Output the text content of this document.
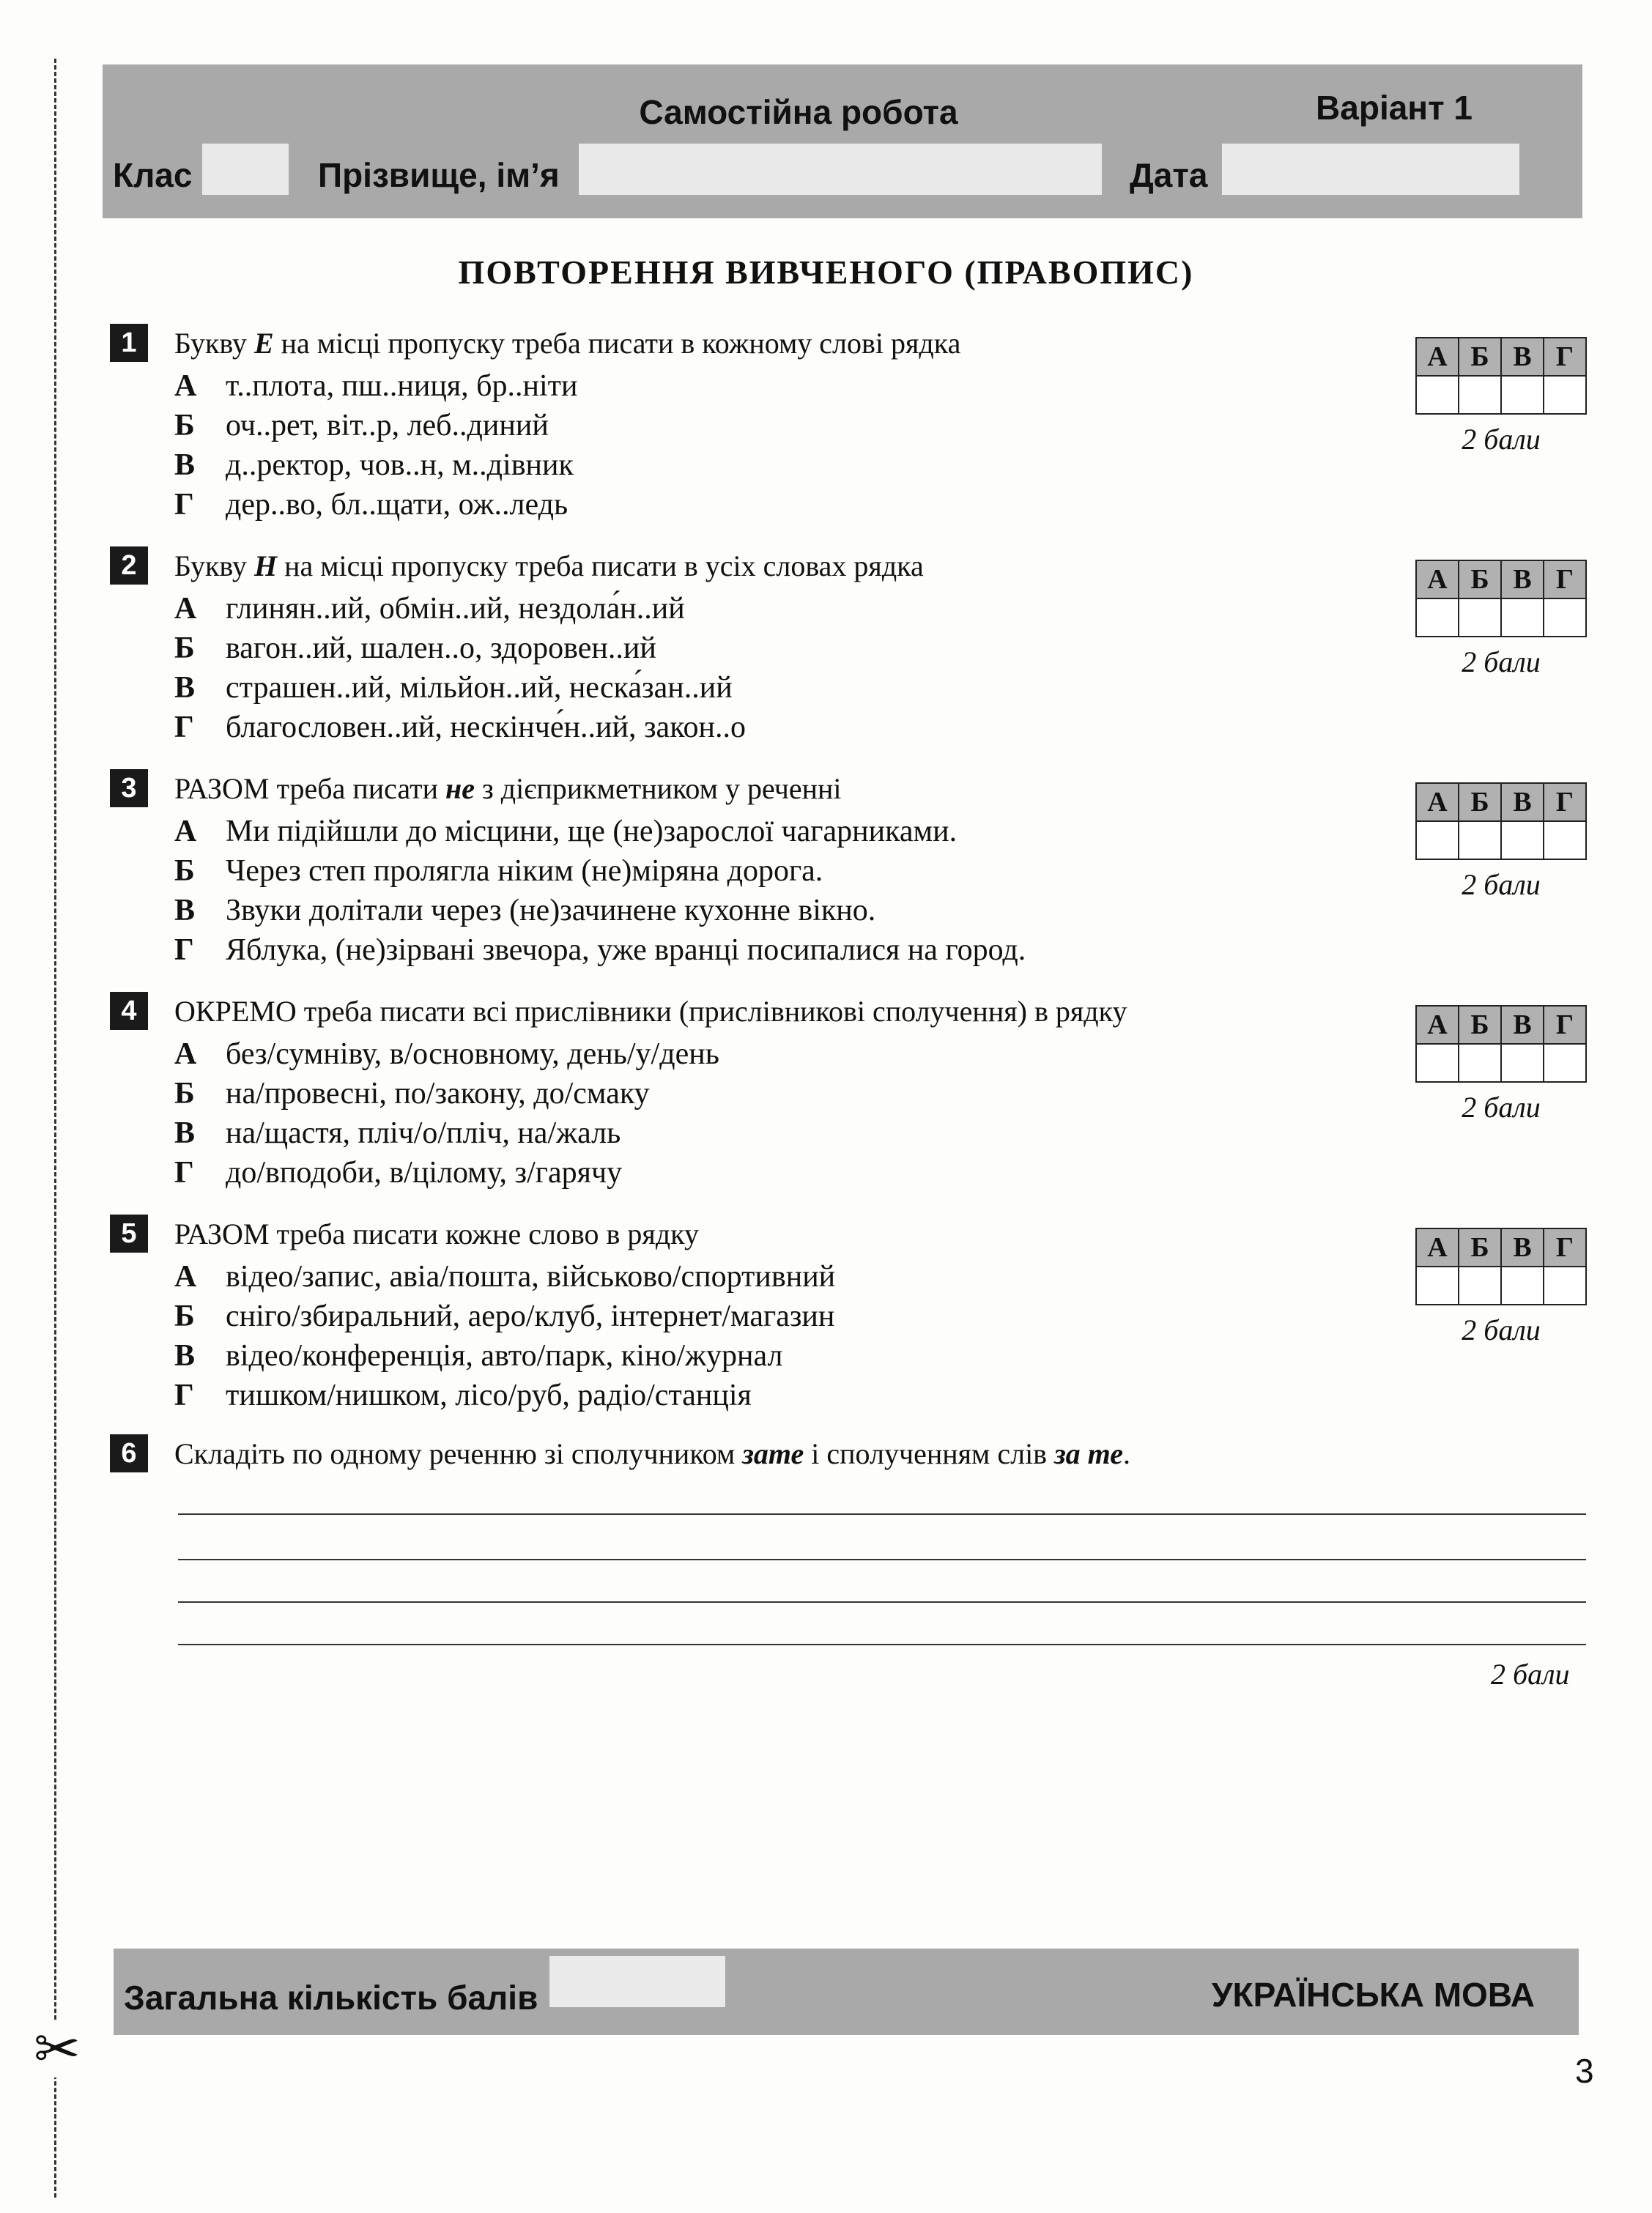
✂
Самостійна робота	Варіант 1
Клас	Прізвище, ім’я	Дата
ПОВТОРЕННЯ ВИВЧЕНОГО (ПРАВОПИС)
1	Букву Е на місці пропуску треба писати в кожному слові рядка
А т..плота, пш..ниця, бр..ніти
Б оч..рет, віт..р, леб..диний
В д..ректор, чов..н, м..дівник
Г дер..во, бл..щати, ож..ледь
2	Букву Н на місці пропуску треба писати в усіх словах рядка
А глинян..ий, обмін..ий, нездола́н..ий
Б вагон..ий, шален..о, здоровен..ий
В страшен..ий, мільйон..ий, неска́зан..ий
Г благословен..ий, нескінче́н..ий, закон..о
3	РАЗОМ треба писати не з дієприкметником у реченні
А Ми підійшли до місцини, ще (не)зарослої чагарниками.
Б Через степ пролягла ніким (не)міряна дорога.
В Звуки долітали через (не)зачинене кухонне вікно.
Г Яблука, (не)зірвані звечора, уже вранці посипалися на город.
4	ОКРЕМО треба писати всі прислівники (прислівникові сполучення) в рядку
А без/сумніву, в/основному, день/у/день
Б на/провесні, по/закону, до/смаку
В на/щастя, пліч/о/пліч, на/жаль
Г до/вподоби, в/цілому, з/гарячу
5	РАЗОМ треба писати кожне слово в рядку
А відео/запис, авіа/пошта, військово/спортивний
Б сніго/збиральний, аеро/клуб, інтернет/магазин
В відео/конференція, авто/парк, кіно/журнал
Г тишком/нишком, лісо/руб, радіо/станція
А Б В Г
2 бали
А Б В Г
2 бали
А Б В Г
2 бали
А Б В Г
2 бали
А Б В Г
2 бали
6	Складіть по одному реченню зі сполучником зате і сполученням слів за те.
2 бали
Загальна кількість балів	УКРАЇНСЬКА МОВА
3
